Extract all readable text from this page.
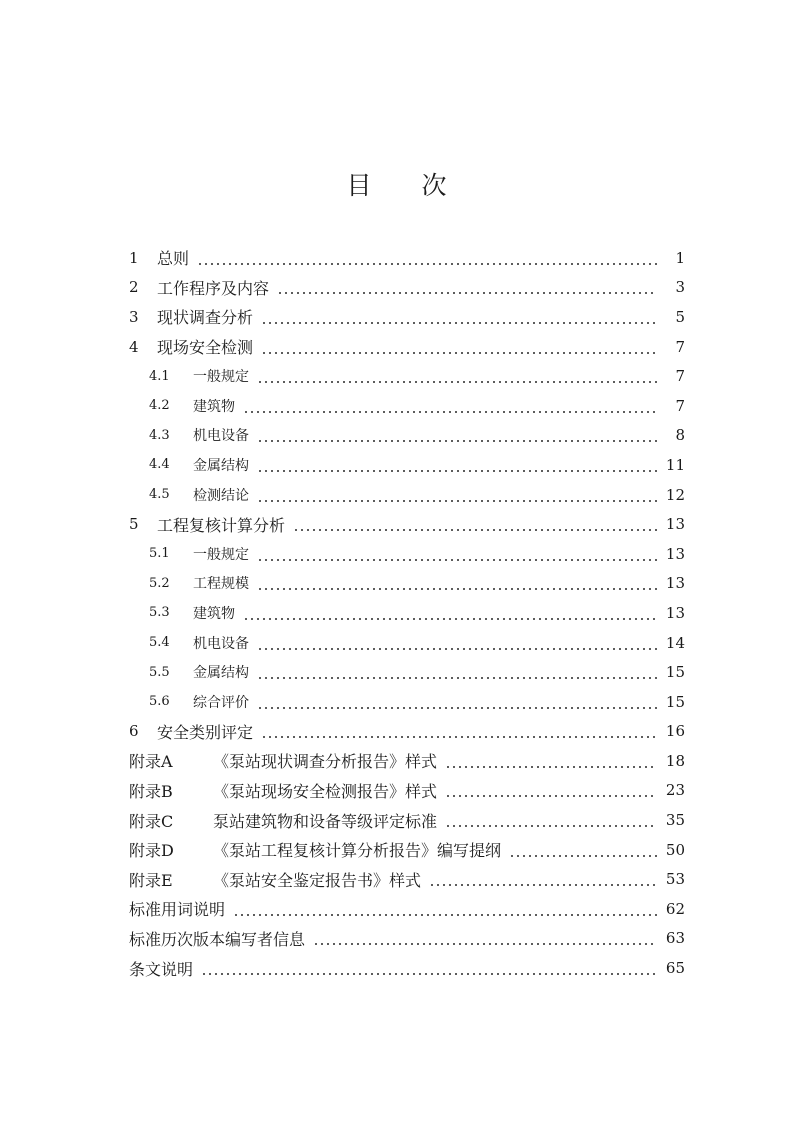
目 次
1	总则	1
2	工作程序及内容	3
3	现状调查分析	5
4	现场安全检测	7
4.1	一般规定	7
4.2	建筑物	7
4.3	机电设备	8
4.4	金属结构	11
4.5	检测结论	12
5	工程复核计算分析	13
5.1	一般规定	13
5.2	工程规模	13
5.3	建筑物	13
5.4	机电设备	14
5.5	金属结构	15
5.6	综合评价	15
6	安全类别评定	16
附录A	《泵站现状调查分析报告》样式	18
附录B	《泵站现场安全检测报告》样式	23
附录C	泵站建筑物和设备等级评定标准	35
附录D	《泵站工程复核计算分析报告》编写提纲	50
附录E	《泵站安全鉴定报告书》样式	53
标准用词说明	62
标准历次版本编写者信息	63
条文说明	65
